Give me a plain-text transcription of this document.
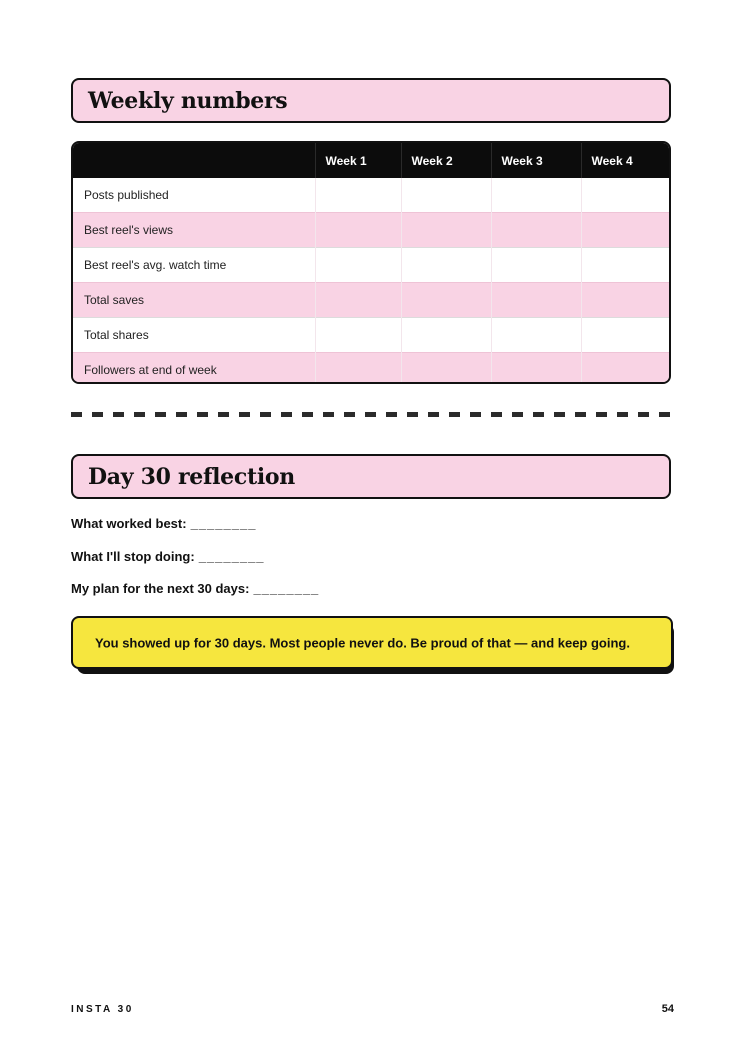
Weekly numbers
	Week 1	Week 2	Week 3	Week 4
Posts published				
Best reel's views				
Best reel's avg. watch time				
Total saves				
Total shares				
Followers at end of week				
Day 30 reflection
What worked best: ________
What I'll stop doing: ________
My plan for the next 30 days: ________
You showed up for 30 days. Most people never do. Be proud of that — and keep going.
INSTA 30	54
